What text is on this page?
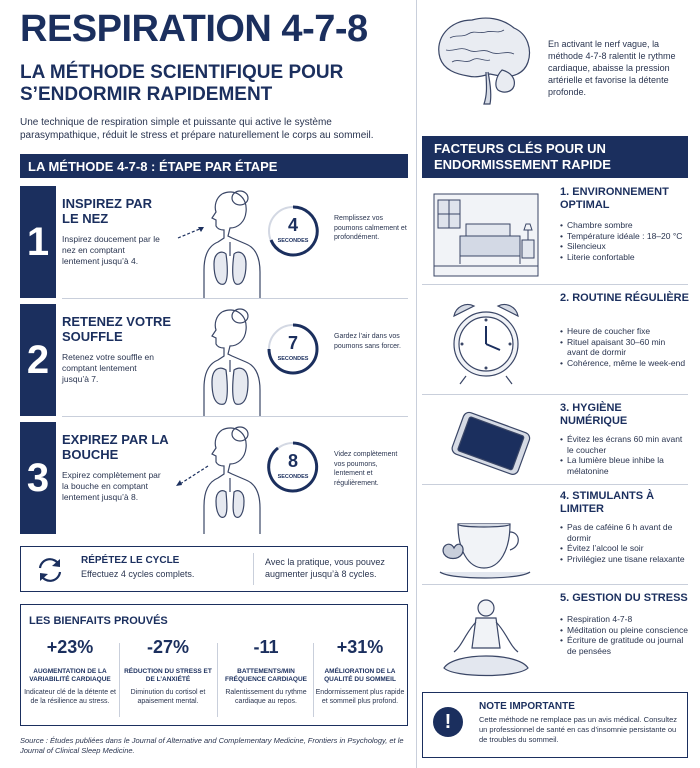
RESPIRATION 4-7-8
LA MÉTHODE SCIENTIFIQUE POUR S’ENDORMIR RAPIDEMENT
Une technique de respiration simple et puissante qui active le système parasympathique, réduit le stress et prépare naturellement le corps au sommeil.
LA MÉTHODE 4-7-8 : ÉTAPE PAR ÉTAPE
1
INSPIREZ PAR LE NEZ
Inspirez doucement par le nez en comptant lentement jusqu’à 4.
4
SECONDES
Remplissez vos poumons calmement et profondément.
2
RETENEZ VOTRE SOUFFLE
Retenez votre souffle en comptant lentement jusqu’à 7.
7
SECONDES
Gardez l’air dans vos poumons sans forcer.
3
EXPIREZ PAR LA BOUCHE
Expirez complètement par la bouche en comptant lentement jusqu’à 8.
8
SECONDES
Videz complètement vos poumons, lentement et régulièrement.
RÉPÉTEZ LE CYCLE
Effectuez 4 cycles complets.
Avec la pratique, vous pouvez augmenter jusqu’à 8 cycles.
LES BIENFAITS PROUVÉS
+23%
AUGMENTATION DE LA VARIABILITÉ CARDIAQUE
Indicateur clé de la détente et de la résilience au stress.
-27%
RÉDUCTION DU STRESS ET DE L’ANXIÉTÉ
Diminution du cortisol et apaisement mental.
-11
BATTEMENTS/MIN FRÉQUENCE CARDIAQUE
Ralentissement du rythme cardiaque au repos.
+31%
AMÉLIORATION DE LA QUALITÉ DU SOMMEIL
Endormissement plus rapide et sommeil plus profond.
Source : Études publiées dans le Journal of Alternative and Complementary Medicine, Frontiers in Psychology, et le Journal of Clinical Sleep Medicine.
En activant le nerf vague, la méthode 4-7-8 ralentit le rythme cardiaque, abaisse la pression artérielle et favorise la détente profonde.
FACTEURS CLÉS POUR UN ENDORMISSEMENT RAPIDE
1. ENVIRONNEMENT OPTIMAL
• Chambre sombre
• Température idéale : 18–20 °C
• Silencieux
• Literie confortable
2. ROUTINE RÉGULIÈRE
• Heure de coucher fixe
• Rituel apaisant 30–60 min avant de dormir
• Cohérence, même le week-end
3. HYGIÈNE NUMÉRIQUE
• Évitez les écrans 60 min avant le coucher
• La lumière bleue inhibe la mélatonine
4. STIMULANTS À LIMITER
• Pas de caféine 6 h avant de dormir
• Évitez l’alcool le soir
• Privilégiez une tisane relaxante
5. GESTION DU STRESS
• Respiration 4-7-8
• Méditation ou pleine conscience
• Écriture de gratitude ou journal de pensées
!
NOTE IMPORTANTE
Cette méthode ne remplace pas un avis médical. Consultez un professionnel de santé en cas d’insomnie persistante ou de troubles du sommeil.
